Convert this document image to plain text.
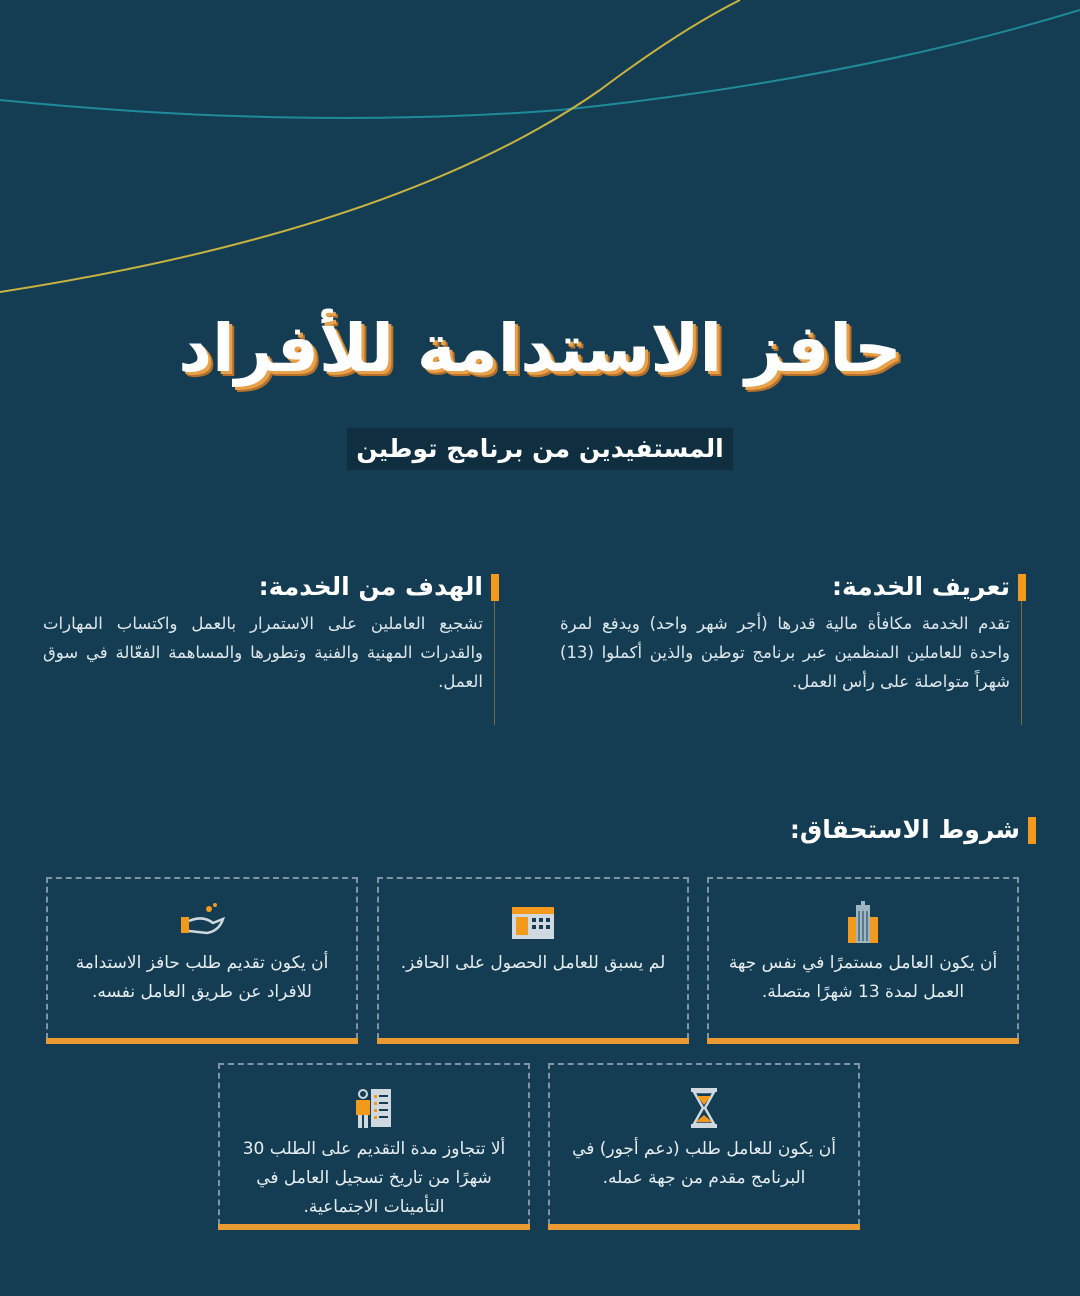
حافز الاستدامة للأفراد
المستفيدين من برنامج توطين
تعريف الخدمة:

تقدم الخدمة مكافأة مالية قدرها (أجر شهر واحد) ويدفع لمرة واحدة للعاملين المنظمين عبر برنامج توطين والذين أكملوا (13) شهراً متواصلة على رأس العمل.

الهدف من الخدمة:

تشجيع العاملين على الاستمرار بالعمل واكتساب المهارات والقدرات المهنية والفنية وتطورها والمساهمة الفعّالة في سوق العمل.

شروط الاستحقاق:

أن يكون العامل مستمرًا في نفس جهة العمل لمدة 13 شهرًا متصلة.

لم يسبق للعامل الحصول على الحافز.

أن يكون تقديم طلب حافز الاستدامة للافراد عن طريق العامل نفسه.

أن يكون للعامل طلب (دعم أجور) في البرنامج مقدم من جهة عمله.

ألا تتجاوز مدة التقديم على الطلب 30 شهرًا من تاريخ تسجيل العامل في التأمينات الاجتماعية.
